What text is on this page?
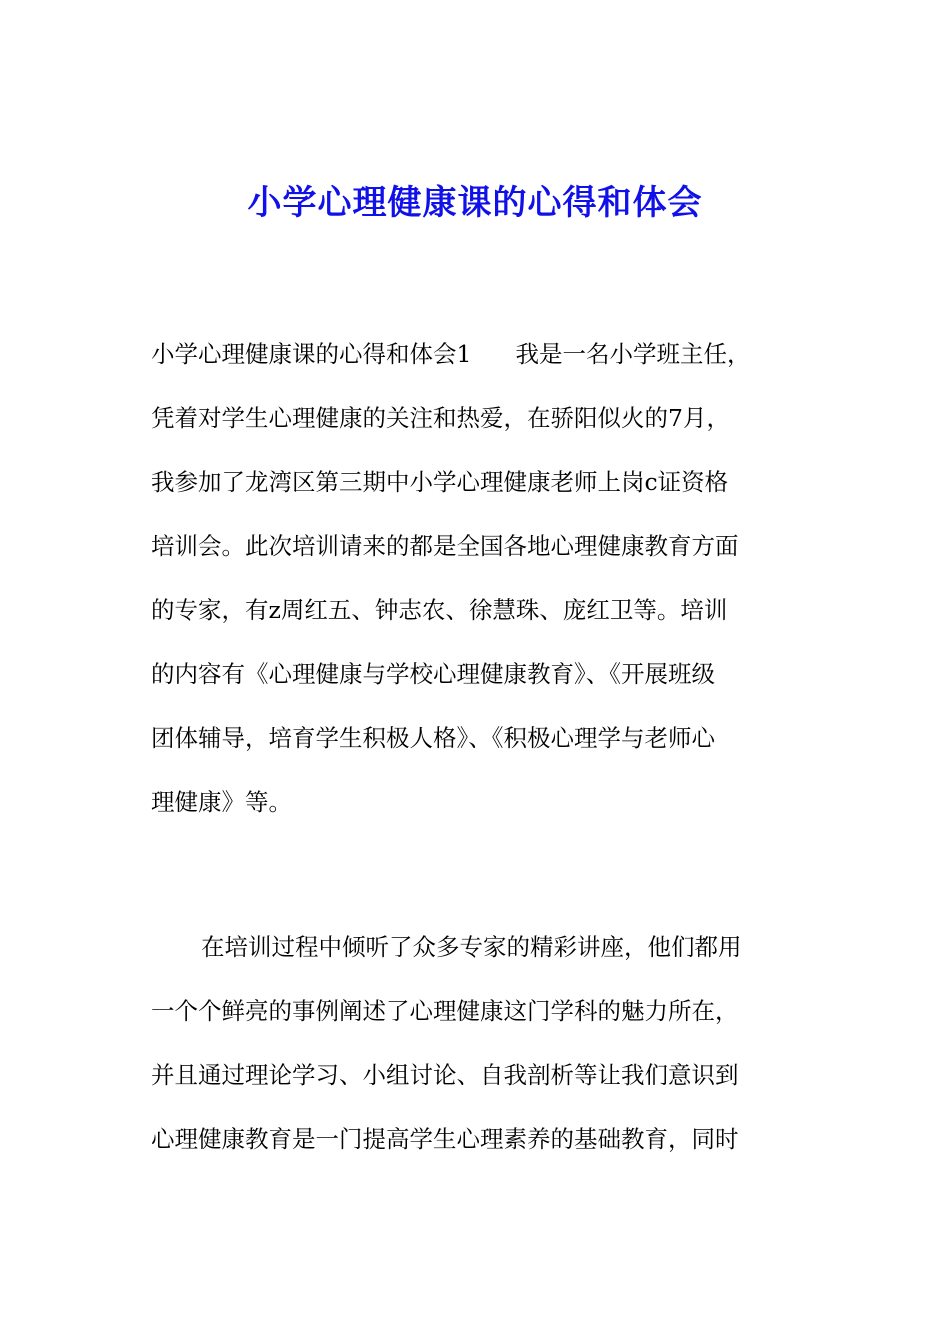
小学心理健康课的心得和体会
小学心理健康课的心得和体会1 我是一名小学班主任，
凭着对学生心理健康的关注和热爱，在骄阳似火的7月，
我参加了龙湾区第三期中小学心理健康老师上岗c证资格
培训会。此次培训请来的都是全国各地心理健康教育方面
的专家，有z周红五、钟志农、徐慧珠、庞红卫等。培训
的内容有《心理健康与学校心理健康教育》、《开展班级
团体辅导，培育学生积极人格》、《积极心理学与老师心
理健康》等。
在培训过程中倾听了众多专家的精彩讲座，他们都用
一个个鲜亮的事例阐述了心理健康这门学科的魅力所在，
并且通过理论学习、小组讨论、自我剖析等让我们意识到
心理健康教育是一门提高学生心理素养的基础教育，同时
